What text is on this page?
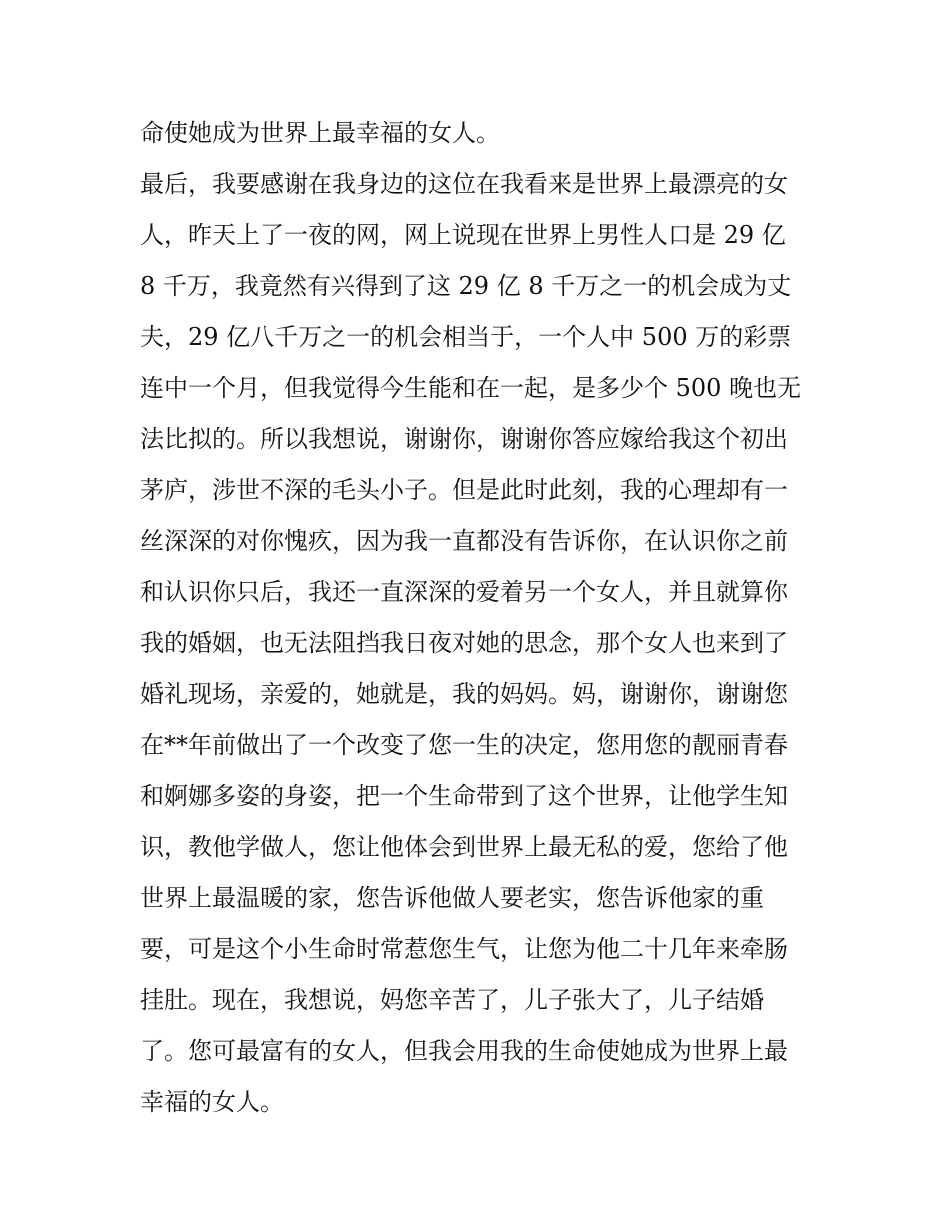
命使她成为世界上最幸福的女人。
最后，我要感谢在我身边的这位在我看来是世界上最漂亮的女
人，昨天上了一夜的网，网上说现在世界上男性人口是 29 亿
8 千万，我竟然有兴得到了这 29 亿 8 千万之一的机会成为丈
夫，29 亿八千万之一的机会相当于，一个人中 500 万的彩票
连中一个月，但我觉得今生能和在一起，是多少个 500 晚也无
法比拟的。所以我想说，谢谢你，谢谢你答应嫁给我这个初出
茅庐，涉世不深的毛头小子。但是此时此刻，我的心理却有一
丝深深的对你愧疚，因为我一直都没有告诉你，在认识你之前
和认识你只后，我还一直深深的爱着另一个女人，并且就算你
我的婚姻，也无法阻挡我日夜对她的思念，那个女人也来到了
婚礼现场，亲爱的，她就是，我的妈妈。妈，谢谢你，谢谢您
在**年前做出了一个改变了您一生的决定，您用您的靓丽青春
和婀娜多姿的身姿，把一个生命带到了这个世界，让他学生知
识，教他学做人，您让他体会到世界上最无私的爱，您给了他
世界上最温暖的家，您告诉他做人要老实，您告诉他家的重
要，可是这个小生命时常惹您生气，让您为他二十几年来牵肠
挂肚。现在，我想说，妈您辛苦了，儿子张大了，儿子结婚
了。您可最富有的女人，但我会用我的生命使她成为世界上最
幸福的女人。
